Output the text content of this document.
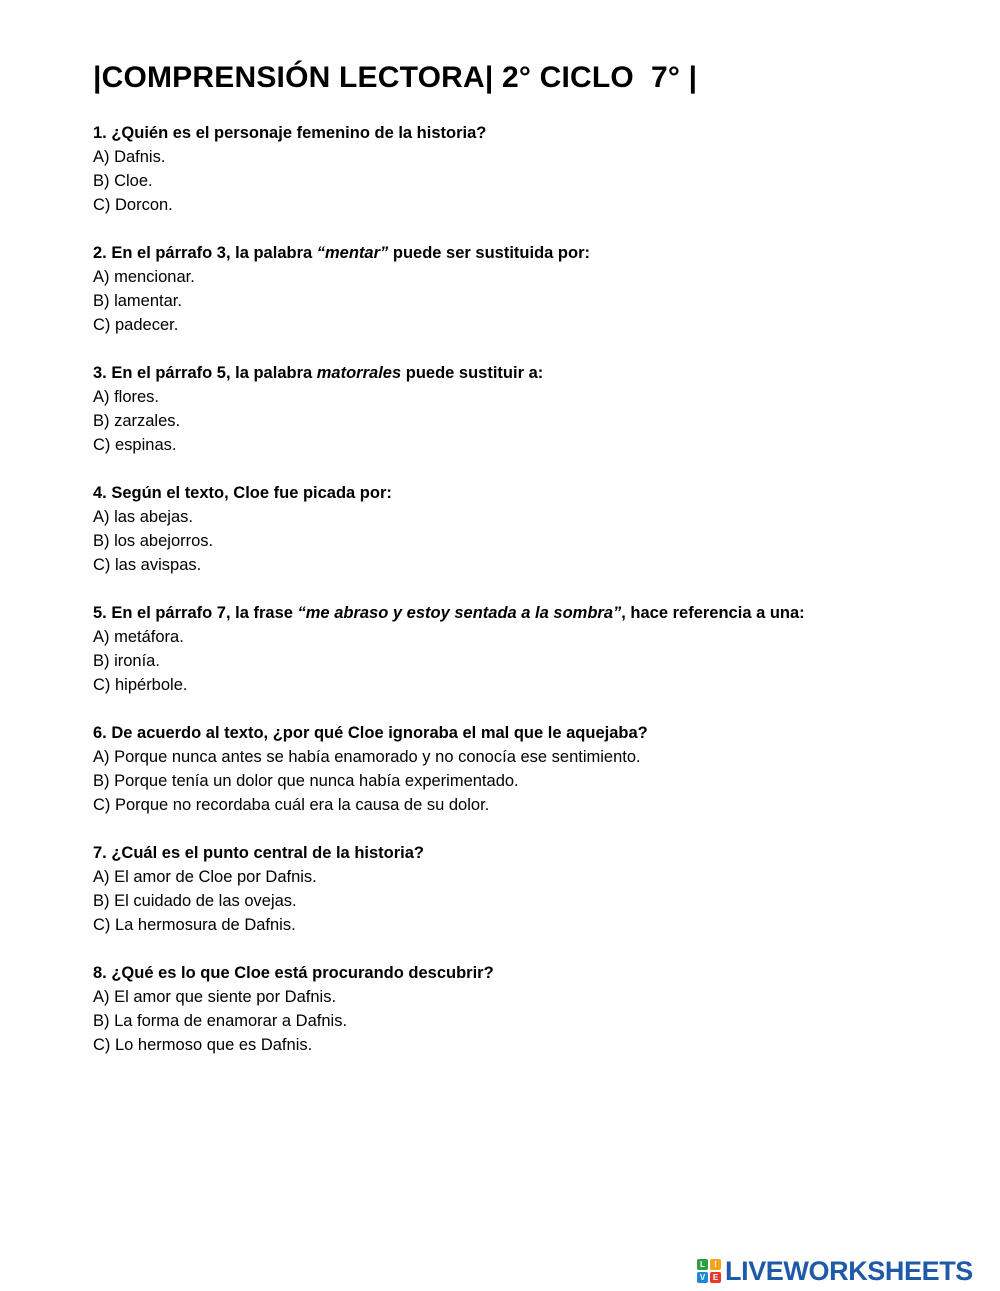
|COMPRENSIÓN LECTORA| 2° CICLO  7° |
1. ¿Quién es el personaje femenino de la historia?
A) Dafnis.
B) Cloe.
C) Dorcon.
2. En el párrafo 3, la palabra “mentar” puede ser sustituida por:
A) mencionar.
B) lamentar.
C) padecer.
3. En el párrafo 5, la palabra matorrales puede sustituir a:
A) flores.
B) zarzales.
C) espinas.
4. Según el texto, Cloe fue picada por:
A) las abejas.
B) los abejorros.
C) las avispas.
5. En el párrafo 7, la frase “me abraso y estoy sentada a la sombra”, hace referencia a una:
A) metáfora.
B) ironía.
C) hipérbole.
6. De acuerdo al texto, ¿por qué Cloe ignoraba el mal que le aquejaba?
A) Porque nunca antes se había enamorado y no conocía ese sentimiento.
B) Porque tenía un dolor que nunca había experimentado.
C) Porque no recordaba cuál era la causa de su dolor.
7. ¿Cuál es el punto central de la historia?
A) El amor de Cloe por Dafnis.
B) El cuidado de las ovejas.
C) La hermosura de Dafnis.
8. ¿Qué es lo que Cloe está procurando descubrir?
A) El amor que siente por Dafnis.
B) La forma de enamorar a Dafnis.
C) Lo hermoso que es Dafnis.
L	I
V E LIVEWORKSHEETS
